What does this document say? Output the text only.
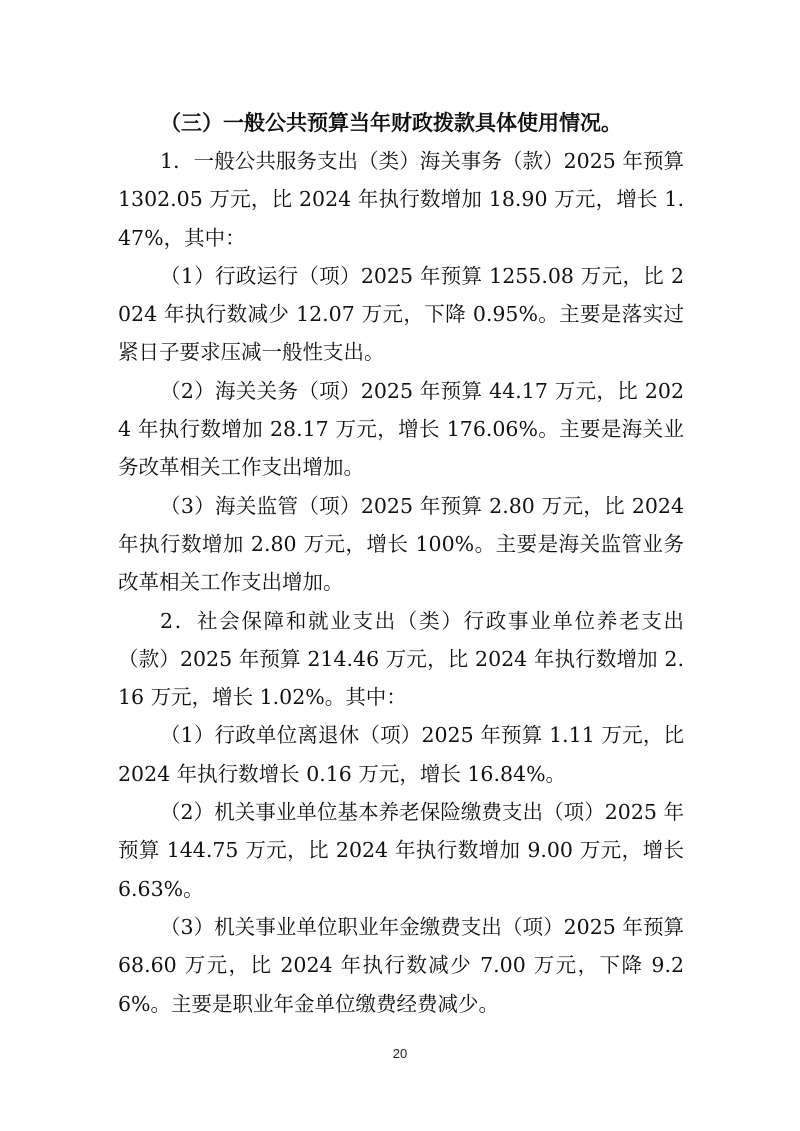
（三）一般公共预算当年财政拨款具体使用情况。

1．一般公共服务支出（类）海关事务（款）2025 年预算 1302.05 万元，比 2024 年执行数增加 18.90 万元，增长 1.47%，其中：

（1）行政运行（项）2025 年预算 1255.08 万元，比 2024 年执行数减少 12.07 万元，下降 0.95%。主要是落实过紧日子要求压减一般性支出。

（2）海关关务（项）2025 年预算 44.17 万元，比 2024 年执行数增加 28.17 万元，增长 176.06%。主要是海关业务改革相关工作支出增加。

（3）海关监管（项）2025 年预算 2.80 万元，比 2024 年执行数增加 2.80 万元，增长 100%。主要是海关监管业务改革相关工作支出增加。

2．社会保障和就业支出（类）行政事业单位养老支出（款）2025 年预算 214.46 万元，比 2024 年执行数增加 2.16 万元，增长 1.02%。其中：

（1）行政单位离退休（项）2025 年预算 1.11 万元，比 2024 年执行数增长 0.16 万元，增长 16.84%。

（2）机关事业单位基本养老保险缴费支出（项）2025 年预算 144.75 万元，比 2024 年执行数增加 9.00 万元，增长 6.63%。

（3）机关事业单位职业年金缴费支出（项）2025 年预算 68.60 万元，比 2024 年执行数减少 7.00 万元，下降 9.26%。主要是职业年金单位缴费经费减少。

20
